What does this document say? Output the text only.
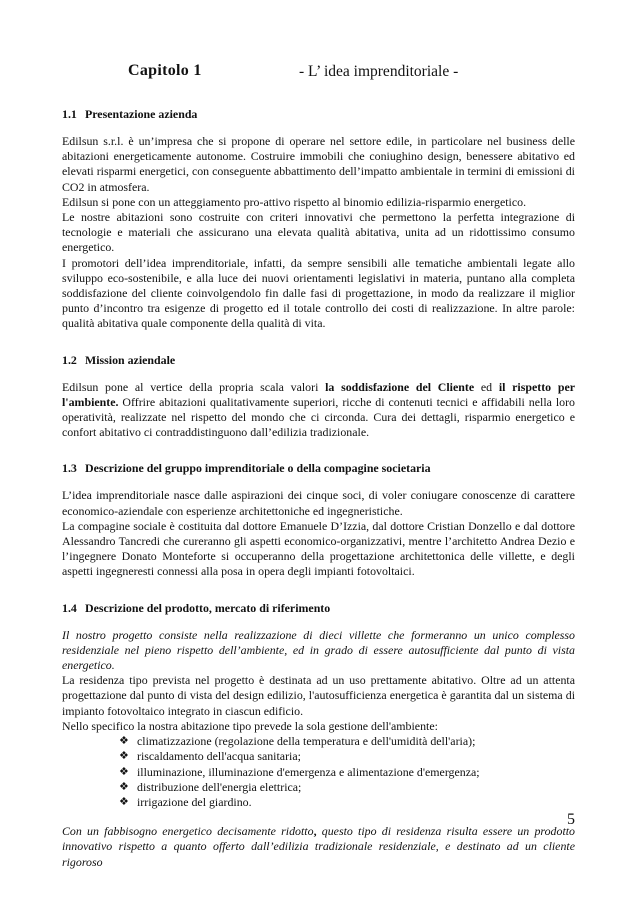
Capitolo 1	- L’ idea imprenditoriale -
1.1 Presentazione azienda

Edilsun s.r.l. è un’impresa che si propone di operare nel settore edile, in particolare nel business delle abitazioni energeticamente autonome. Costruire immobili che coniughino design, benessere abitativo ed elevati risparmi energetici, con conseguente abbattimento dell’impatto ambientale in termini di emissioni di CO2 in atmosfera.

Edilsun si pone con un atteggiamento pro-attivo rispetto al binomio edilizia-risparmio energetico.

Le nostre abitazioni sono costruite con criteri innovativi che permettono la perfetta integrazione di tecnologie e materiali che assicurano una elevata qualità abitativa, unita ad un ridottissimo consumo energetico.

I promotori dell’idea imprenditoriale, infatti, da sempre sensibili alle tematiche ambientali legate allo sviluppo eco-sostenibile, e alla luce dei nuovi orientamenti legislativi in materia, puntano alla completa soddisfazione del cliente coinvolgendolo fin dalle fasi di progettazione, in modo da realizzare il miglior punto d’incontro tra esigenze di progetto ed il totale controllo dei costi di realizzazione. In altre parole: qualità abitativa quale componente della qualità di vita.

1.2 Mission aziendale

Edilsun pone al vertice della propria scala valori la soddisfazione del Cliente ed il rispetto per l'ambiente. Offrire abitazioni qualitativamente superiori, ricche di contenuti tecnici e affidabili nella loro operatività, realizzate nel rispetto del mondo che ci circonda. Cura dei dettagli, risparmio energetico e confort abitativo ci contraddistinguono dall’edilizia tradizionale.

1.3 Descrizione del gruppo imprenditoriale o della compagine societaria

L’idea imprenditoriale nasce dalle aspirazioni dei cinque soci, di voler coniugare conoscenze di carattere economico-aziendale con esperienze architettoniche ed ingegneristiche.

La compagine sociale è costituita dal dottore Emanuele D’Izzia, dal dottore Cristian Donzello e dal dottore Alessandro Tancredi che cureranno gli aspetti economico-organizzativi, mentre l’architetto Andrea Dezio e l’ingegnere Donato Monteforte si occuperanno della progettazione architettonica delle villette, e degli aspetti ingegneresti connessi alla posa in opera degli impianti fotovoltaici.

1.4 Descrizione del prodotto, mercato di riferimento

Il nostro progetto consiste nella realizzazione di dieci villette che formeranno un unico complesso residenziale nel pieno rispetto dell’ambiente, ed in grado di essere autosufficiente dal punto di vista energetico.

La residenza tipo prevista nel progetto è destinata ad un uso prettamente abitativo. Oltre ad un attenta progettazione dal punto di vista del design edilizio, l'autosufficienza energetica è garantita dal un sistema di impianto fotovoltaico integrato in ciascun edificio.

Nello specifico la nostra abitazione tipo prevede la sola gestione dell'ambiente:

❖ climatizzazione (regolazione della temperatura e dell'umidità dell'aria);
❖ riscaldamento dell'acqua sanitaria;
❖ illuminazione, illuminazione d'emergenza e alimentazione d'emergenza;
❖ distribuzione dell'energia elettrica;
❖ irrigazione del giardino.

Con un fabbisogno energetico decisamente ridotto, questo tipo di residenza risulta essere un prodotto innovativo rispetto a quanto offerto dall’edilizia tradizionale residenziale, e destinato ad un cliente rigoroso

5
